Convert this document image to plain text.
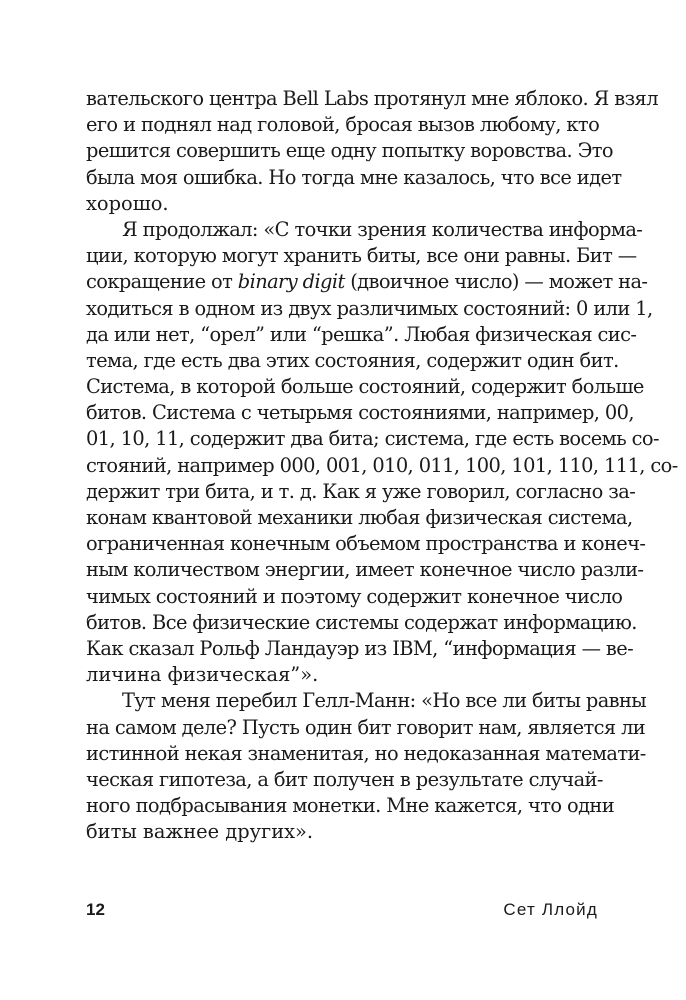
вательского центра Bell Labs протянул мне яблоко. Я взял
его и поднял над головой, бросая вызов любому, кто
решится совершить еще одну попытку воровства. Это
была моя ошибка. Но тогда мне казалось, что все идет
хорошо.
Я продолжал: «С точки зрения количества информа-
ции, которую могут хранить биты, все они равны. Бит —
сокращение от binary digit (двоичное число) — может на-
ходиться в одном из двух различимых состояний: 0 или 1,
да или нет, “орел” или “решка”. Любая физическая сис-
тема, где есть два этих состояния, содержит один бит.
Система, в которой больше состояний, содержит больше
битов. Система с четырьмя состояниями, например, 00,
01, 10, 11, содержит два бита; система, где есть восемь со-
стояний, например 000, 001, 010, 011, 100, 101, 110, 111, со-
держит три бита, и т. д. Как я уже говорил, согласно за-
конам квантовой механики любая физическая система,
ограниченная конечным объемом пространства и конеч-
ным количеством энергии, имеет конечное число разли-
чимых состояний и поэтому содержит конечное число
битов. Все физические системы содержат информацию.
Как сказал Рольф Ландауэр из IBM, “информация — ве-
личина физическая”».
Тут меня перебил Гелл-Манн: «Но все ли биты равны
на самом деле? Пусть один бит говорит нам, является ли
истинной некая знаменитая, но недоказанная математи-
ческая гипотеза, а бит получен в результате случай-
ного подбрасывания монетки. Мне кажется, что одни
биты важнее других».
12	Сет Ллойд
